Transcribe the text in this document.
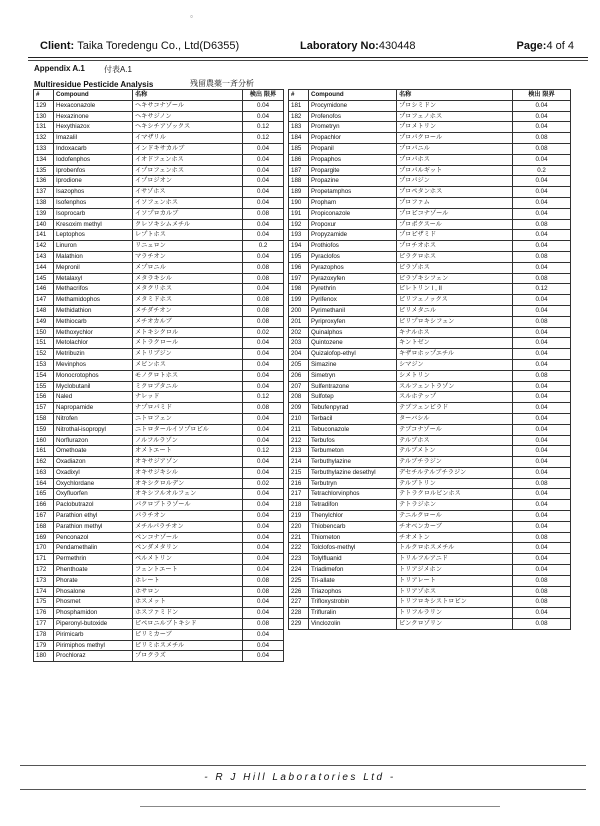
ﾟ
Client: Taika Toredengu Co., Ltd(D6355)	Laboratory No:430448	Page:4 of 4
Appendix A.1 付表A.1
Multiresidue Pesticide Analysis	残留農薬一斉分析
#	Compound	名称	検出 限界
129	Hexaconazole	ヘキサコナゾール	0.04
130	Hexazinone	ヘキサジノン	0.04
131	Hexythiazox	ヘキシチアゾックス	0.12
132	Imazalil	イマザリル	0.12
133	Indoxacarb	インドキサカルブ	0.04
134	Iodofenphos	イオドフェンホス	0.04
135	Iprobenfos	イプロフェンホス	0.04
136	Iprodione	イプロジオン	0.04
137	Isazophos	イサゾホス	0.04
138	Isofenphos	イソフェンホス	0.04
139	Isoprocarb	イソプロカルブ	0.08
140	Kresoxim methyl	クレソキシムメチル	0.04
141	Leptophos	レプトホス	0.04
142	Linuron	リニュロン	0.2
143	Malathion	マラチオン	0.04
144	Mepronil	メプロニル	0.08
145	Metalaxyl	メタラキシル	0.08
146	Methacrifos	メタクリホス	0.04
147	Methamidophos	メタミドホス	0.08
148	Methidathion	メチダチオン	0.08
149	Methiocarb	メチオカルブ	0.08
150	Methoxychlor	メトキシクロル	0.02
151	Metolachlor	メトラクロール	0.04
152	Metribuzin	メトリブジン	0.04
153	Mevinphos	メビンホス	0.04
154	Monocrotophos	モノクロトホス	0.04
155	Myclobutanil	ミクロブタニル	0.04
156	Naled	ナレッド	0.12
157	Napropamide	ナプロパミド	0.08
158	Nitrofen	ニトロフェン	0.04
159	Nitrothal-isopropyl	ニトロタールイソプロピル	0.04
160	Norflurazon	ノルフルラゾン	0.04
161	Omethoate	オメトエート	0.12
162	Oxadiazon	オキサジアゾン	0.04
163	Oxadixyl	オキサジキシル	0.04
164	Oxychlordane	オキシクロルデン	0.02
165	Oxyfluorfen	オキシフルオルフェン	0.04
166	Paclobutrazol	パクロブトラゾール	0.04
167	Parathion ethyl	パラチオン	0.04
168	Parathion methyl	メチルパラチオン	0.04
169	Penconazol	ペンコナゾール	0.04
170	Pendamethalin	ペンダメタリン	0.04
171	Permethrin	ペルメトリン	0.04
172	Phenthoate	フェントエート	0.04
173	Phorate	ホレート	0.08
174	Phosalone	ホサロン	0.08
175	Phosmet	ホスメット	0.04
176	Phosphamidon	ホスファミドン	0.04
177	Piperonyl-butoxide	ピペロニルブトキシド	0.08
178	Pirimicarb	ピリミカーブ	0.04
179	Pirimiphos methyl	ピリミホスメチル	0.04
180	Prochloraz	プロクラズ	0.04
#	Compound	名称	検出 限界
181	Procymidone	プロシミドン	0.04
182	Profenofos	プロフェノホス	0.04
183	Prometryn	プロメトリン	0.04
184	Propachlor	プロパクロール	0.08
185	Propanil	プロパニル	0.08
186	Propaphos	プロパホス	0.04
187	Propargite	プロパルギット	0.2
188	Propazine	プロパジン	0.04
189	Propetamphos	プロペタンホス	0.04
190	Propham	プロファム	0.04
191	Propiconazole	プロピコナゾール	0.04
192	Propoxur	プロポクスール	0.08
193	Propyzamide	プロピザミド	0.04
194	Prothiofos	プロチオホス	0.04
195	Pyraclofos	ピラクロホス	0.08
196	Pyrazophos	ピラゾホス	0.04
197	Pyrazoxyfen	ピラゾキシフェン	0.08
198	Pyrethrin	ピレトリン I , II	0.12
199	Pyrifenox	ピリフェノックス	0.04
200	Pyrimethanil	ピリメタニル	0.04
201	Pyriproxyfen	ピリプロキシフェン	0.08
202	Quinalphos	キナルホス	0.04
203	Quintozene	キントゼン	0.04
204	Quizalofop-ethyl	キザロホップエチル	0.04
205	Simazine	シマジン	0.04
206	Simetryn	シメトリン	0.08
207	Sulfentrazone	スルフェントラゾン	0.04
208	Sulfotep	スルホテップ	0.04
209	Tebufenpyrad	テブフェンピラド	0.04
210	Terbacil	ターバシル	0.04
211	Tebuconazole	テブコナゾール	0.04
212	Terbufos	テルブホス	0.04
213	Terbumeton	テルブメトン	0.04
214	Terbuthylazine	テルブチラジン	0.04
215	Terbuthylazine desethyl	デセチルテルブチラジン	0.04
216	Terbutryn	テルブトリン	0.08
217	Tetrachlorvinphos	テトラクロルビンホス	0.04
218	Tetradifon	テトラジホン	0.04
219	Thenylchlor	テニルクロール	0.04
220	Thiobencarb	チオベンカーブ	0.04
221	Thiometon	チオメトン	0.08
222	Tolclofos-methyl	トルクロホスメチル	0.04
223	Tolylfluanid	トリルフルアニド	0.04
224	Triadimefon	トリアジメホン	0.04
225	Tri-allate	トリアレート	0.08
226	Triazophos	トリアゾホス	0.08
227	Trifloxystrobin	トリフロキシストロビン	0.08
228	Trifluralin	トリフルラリン	0.04
229	Vinclozolin	ビンクロゾリン	0.08
- R J Hill Laboratories Ltd -
